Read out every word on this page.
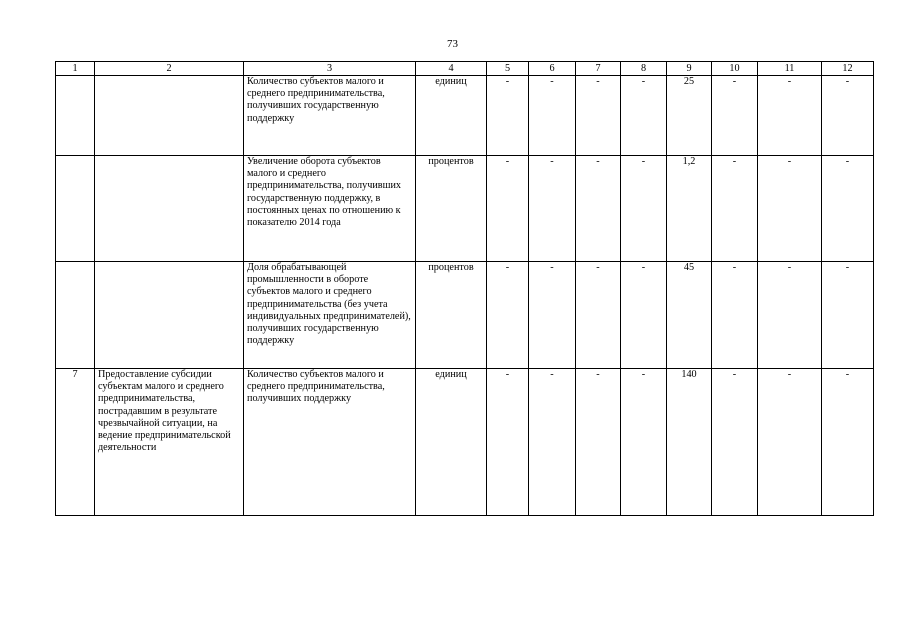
73
1	2	3	4	5	6	7	8	9	10	11	12
		Количество субъектов малого и среднего предпринимательства, получивших государственную поддержку	единиц	-	-	-	-	25	-	-	-
		Увеличение оборота субъектов малого и среднего предпринимательства, получивших государственную поддержку, в постоянных ценах по отношению к показателю 2014 года	процентов	-	-	-	-	1,2	-	-	-
		Доля обрабатывающей промышленности в обороте субъектов малого и среднего предпринимательства (без учета индивидуальных предпринимателей), получивших государственную поддержку	процентов	-	-	-	-	45	-	-	-
7	Предоставление субсидии субъектам малого и среднего предпринимательства, пострадавшим в результате чрезвычайной ситуации, на ведение предпринимательской деятельности	Количество субъектов малого и среднего предпринимательства, получивших поддержку	единиц	-	-	-	-	140	-	-	-
